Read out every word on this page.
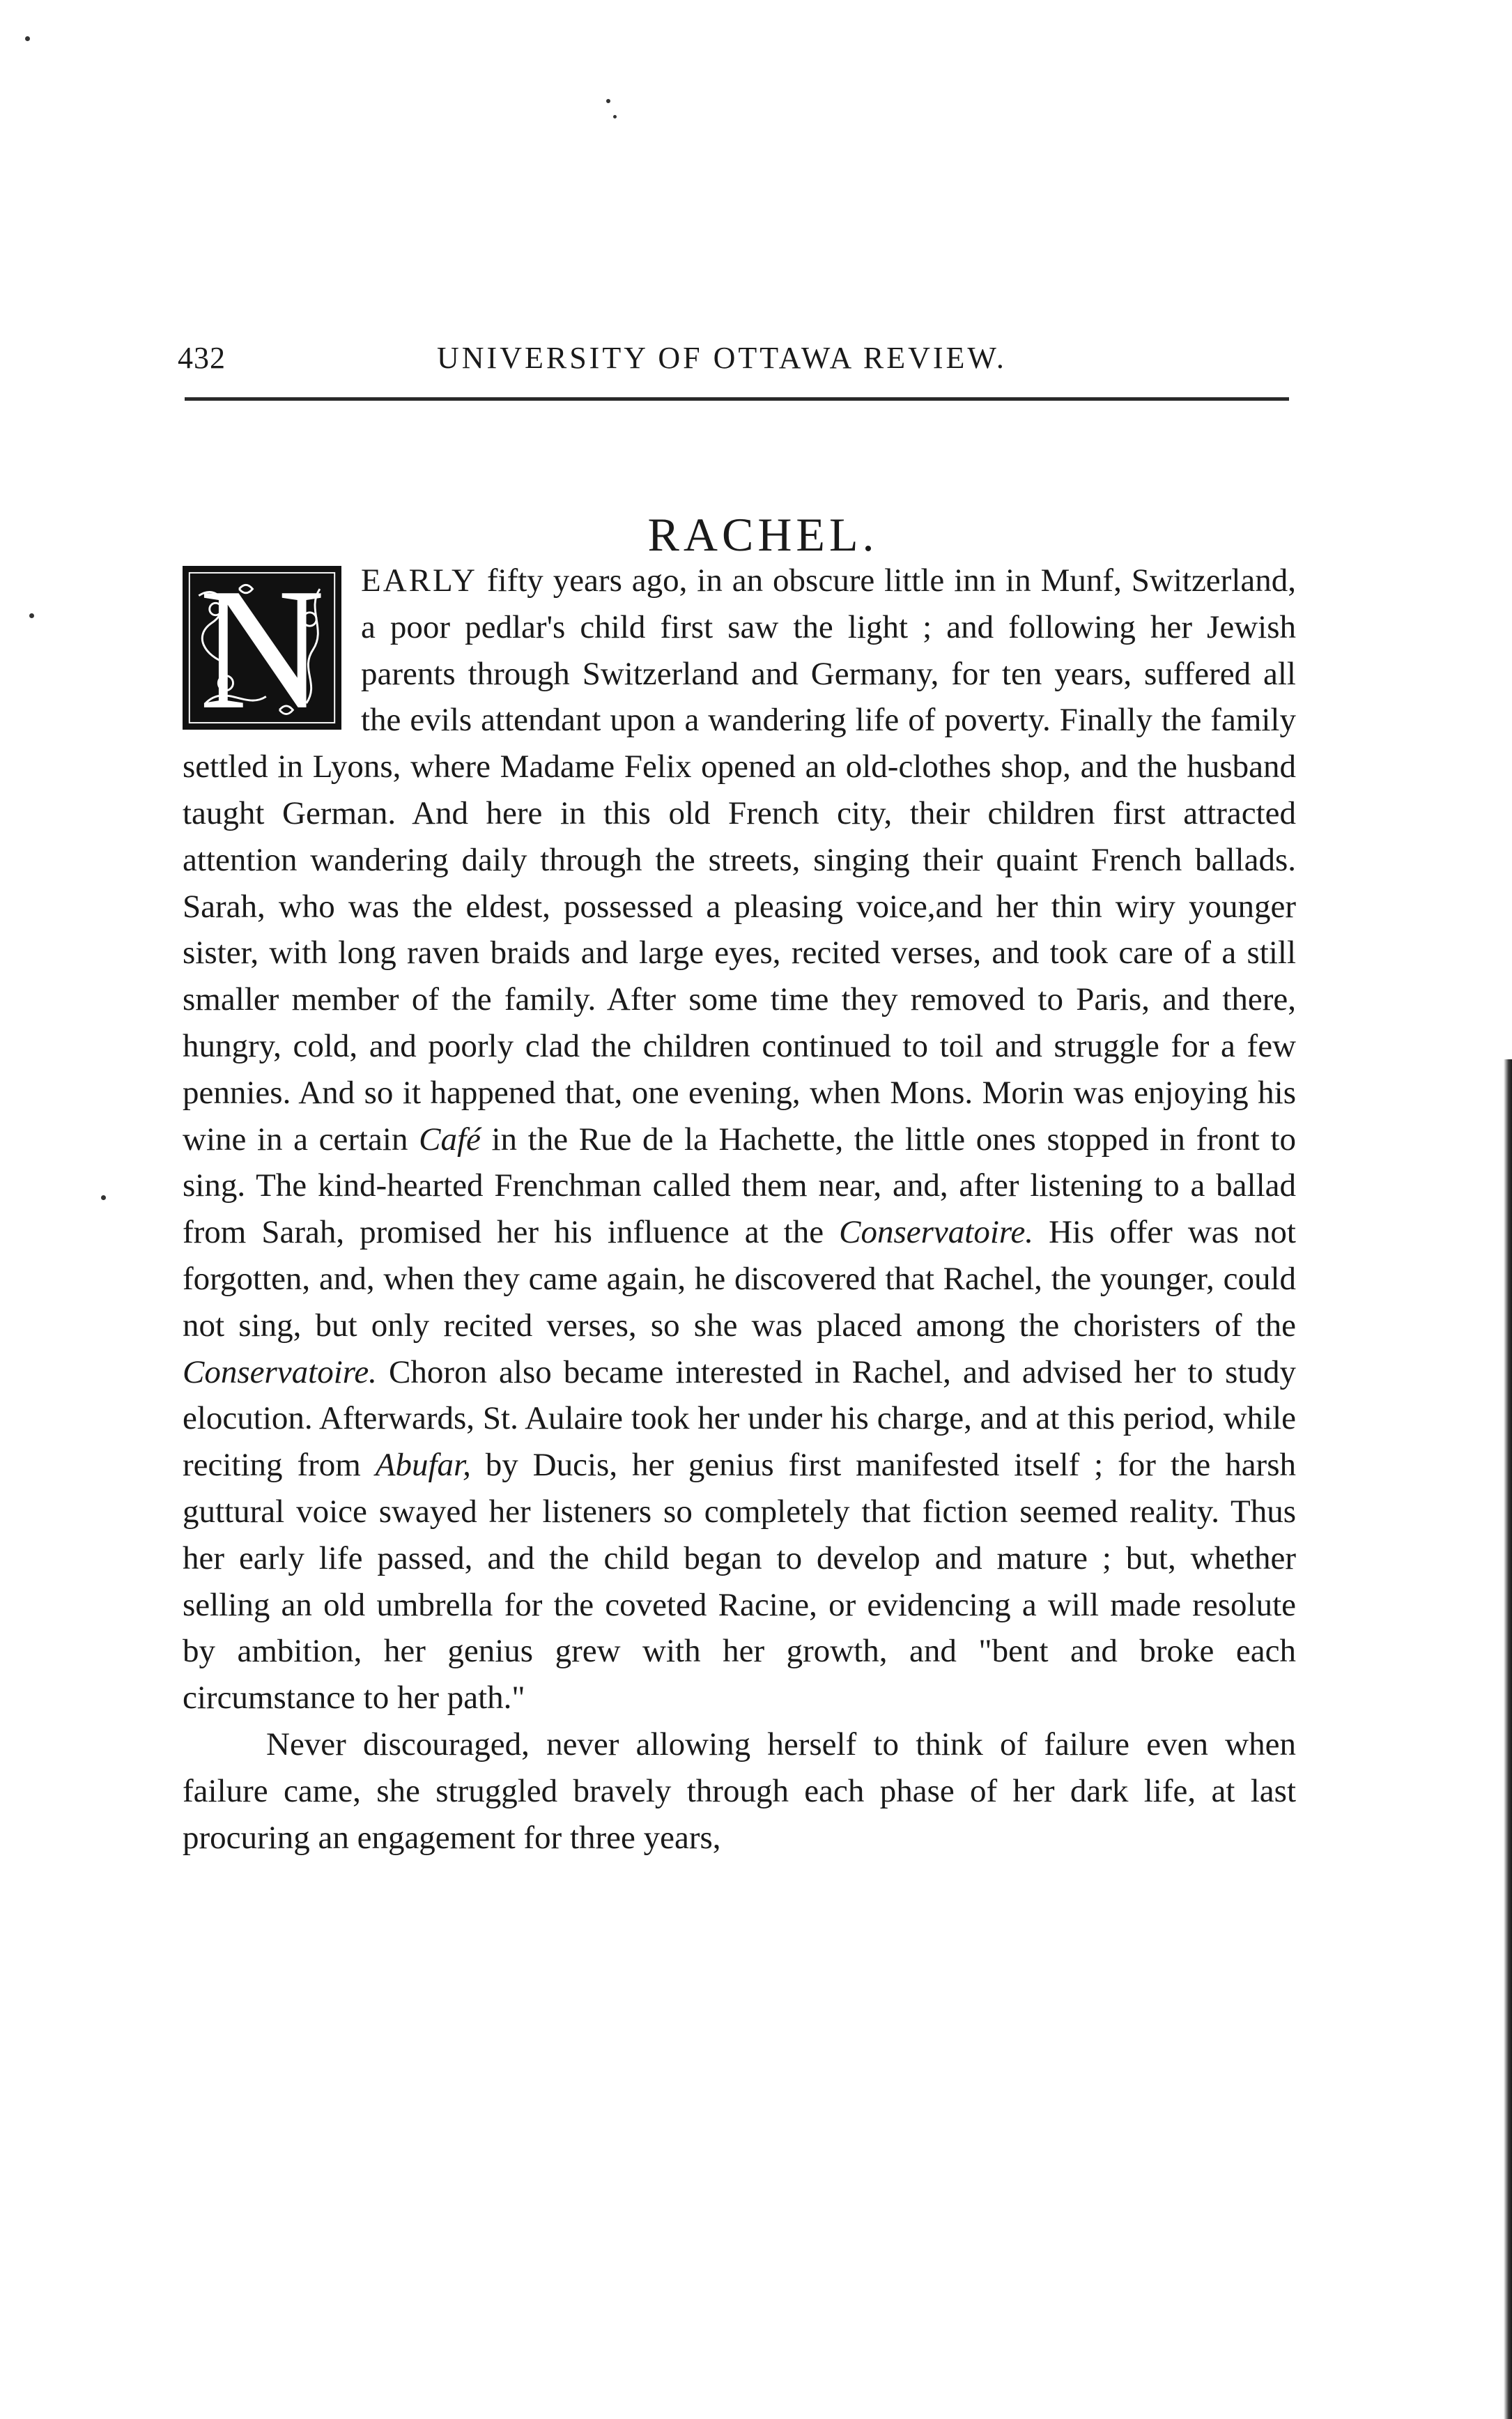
432	UNIVERSITY OF OTTAWA REVIEW.
RACHEL.

N	EARLY fifty years ago, in an obscure little inn in Munf, Switzerland, a poor pedlar's child first saw the light ; and following her Jewish parents through Switzerland and Germany, for ten years, suffered all the evils attendant upon a wandering life of poverty. Finally the family settled in Lyons, where Madame Felix opened an old-clothes shop, and the husband taught German. And here in this old French city, their children first attracted attention wandering daily through the streets, singing their quaint French ballads. Sarah, who was the eldest, possessed a pleasing voice,and her thin wiry younger sister, with long raven braids and large eyes, recited verses, and took care of a still smaller member of the family. After some time they removed to Paris, and there, hungry, cold, and poorly clad the children continued to toil and struggle for a few pennies. And so it happened that, one evening, when Mons. Morin was enjoying his wine in a certain Café in the Rue de la Hachette, the little ones stopped in front to sing. The kind-hearted Frenchman called them near, and, after listening to a ballad from Sarah, promised her his influence at the Conservatoire. His offer was not forgotten, and, when they came again, he discovered that Rachel, the younger, could not sing, but only recited verses, so she was placed among the choristers of the Conservatoire. Choron also became interested in Rachel, and advised her to study elocution. Afterwards, St. Aulaire took her under his charge, and at this period, while reciting from Abufar, by Ducis, her genius first manifested itself ; for the harsh guttural voice swayed her listeners so completely that fiction seemed reality. Thus her early life passed, and the child began to develop and mature ; but, whether selling an old umbrella for the coveted Racine, or evidencing a will made resolute by ambition, her genius grew with her growth, and "bent and broke each circumstance to her path."

Never discouraged, never allowing herself to think of failure even when failure came, she struggled bravely through each phase of her dark life, at last procuring an engagement for three years,
